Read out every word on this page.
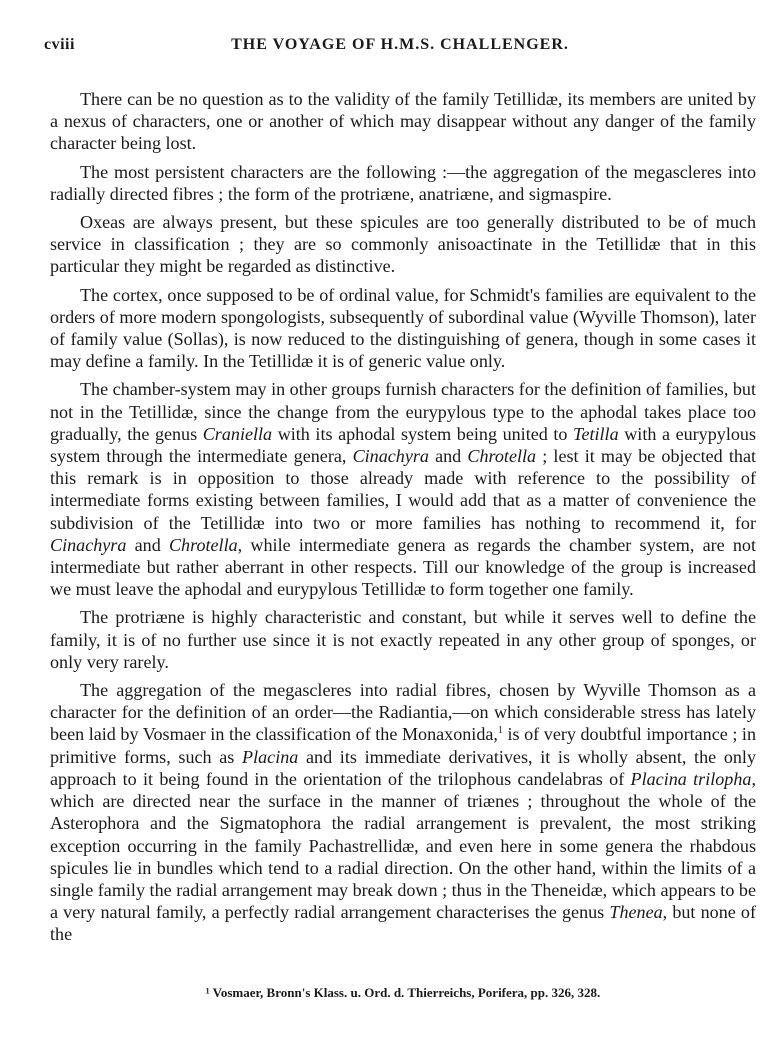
cviii	THE VOYAGE OF H.M.S. CHALLENGER.

There can be no question as to the validity of the family Tetillidæ, its members are united by a nexus of characters, one or another of which may disappear without any danger of the family character being lost.

The most persistent characters are the following :—the aggregation of the megascleres into radially directed fibres ; the form of the protriæne, anatriæne, and sigmaspire.

Oxeas are always present, but these spicules are too generally distributed to be of much service in classification ; they are so commonly anisoactinate in the Tetillidæ that in this particular they might be regarded as distinctive.

The cortex, once supposed to be of ordinal value, for Schmidt's families are equivalent to the orders of more modern spongologists, subsequently of subordinal value (Wyville Thomson), later of family value (Sollas), is now reduced to the distinguishing of genera, though in some cases it may define a family. In the Tetillidæ it is of generic value only.

The chamber-system may in other groups furnish characters for the definition of families, but not in the Tetillidæ, since the change from the eurypylous type to the aphodal takes place too gradually, the genus Craniella with its aphodal system being united to Tetilla with a eurypylous system through the intermediate genera, Cinachyra and Chrotella ; lest it may be objected that this remark is in opposition to those already made with reference to the possibility of intermediate forms existing between families, I would add that as a matter of convenience the subdivision of the Tetillidæ into two or more families has nothing to recommend it, for Cinachyra and Chrotella, while intermediate genera as regards the chamber system, are not intermediate but rather aberrant in other respects. Till our knowledge of the group is increased we must leave the aphodal and eurypylous Tetillidæ to form together one family.

The protriæne is highly characteristic and constant, but while it serves well to define the family, it is of no further use since it is not exactly repeated in any other group of sponges, or only very rarely.

The aggregation of the megascleres into radial fibres, chosen by Wyville Thomson as a character for the definition of an order—the Radiantia,—on which considerable stress has lately been laid by Vosmaer in the classification of the Monaxonida,$^1$ is of very doubtful importance ; in primitive forms, such as Placina and its immediate derivatives, it is wholly absent, the only approach to it being found in the orientation of the trilophous candelabras of Placina trilopha, which are directed near the surface in the manner of triænes ; throughout the whole of the Asterophora and the Sigmatophora the radial arrangement is prevalent, the most striking exception occurring in the family Pachastrellidæ, and even here in some genera the rhabdous spicules lie in bundles which tend to a radial direction. On the other hand, within the limits of a single family the radial arrangement may break down ; thus in the Theneidæ, which appears to be a very natural family, a perfectly radial arrangement characterises the genus Thenea, but none of the

¹ Vosmaer, Bronn's Klass. u. Ord. d. Thierreichs, Porifera, pp. 326, 328.
